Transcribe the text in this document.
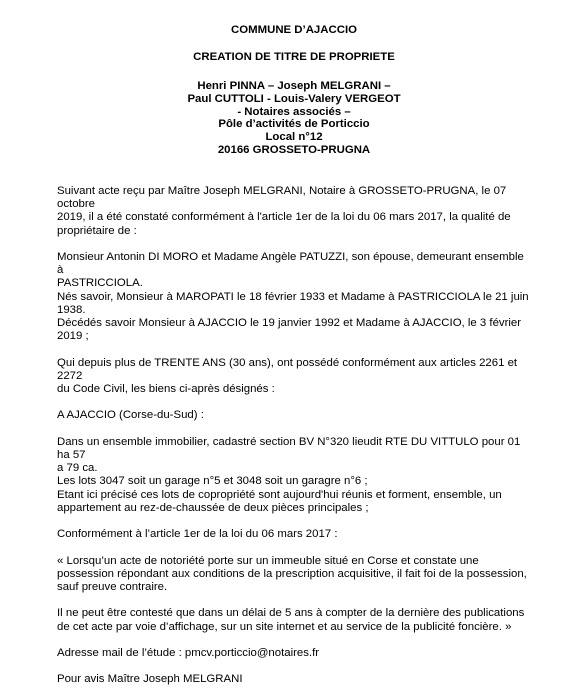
COMMUNE D’AJACCIO
CREATION DE TITRE DE PROPRIETE
Henri PINNA – Joseph MELGRANI –
Paul CUTTOLI - Louis-Valery VERGEOT
- Notaires associés –
Pôle d’activités de Porticcio
Local n°12
20166 GROSSETO-PRUGNA

Suivant acte reçu par Maître Joseph MELGRANI, Notaire à GROSSETO-PRUGNA, le 07 octobre
2019, il a été constaté conformément à l'article 1er de la loi du 06 mars 2017, la qualité de
propriétaire de :

Monsieur Antonin DI MORO et Madame Angèle PATUZZI, son épouse, demeurant ensemble à
PASTRICCIOLA.
Nés savoir, Monsieur à MAROPATI le 18 février 1933 et Madame à PASTRICCIOLA le 21 juin
1938.
Décédés savoir Monsieur à AJACCIO le 19 janvier 1992 et Madame à AJACCIO, le 3 février 2019 ;

Qui depuis plus de TRENTE ANS (30 ans), ont possédé conformément aux articles 2261 et 2272
du Code Civil, les biens ci-après désignés :

A AJACCIO (Corse-du-Sud) :

Dans un ensemble immobilier, cadastré section BV N°320 lieudit RTE DU VITTULO pour 01 ha 57
a 79 ca.
Les lots 3047 soit un garage n°5 et 3048 soit un garagre n°6 ;
Etant ici précisé ces lots de copropriété sont aujourd'hui réunis et forment, ensemble, un
appartement au rez-de-chaussée de deux pièces principales ;

Conformément à l’article 1er de la loi du 06 mars 2017 :

« Lorsqu’un acte de notoriété porte sur un immeuble situé en Corse et constate une
possession répondant aux conditions de la prescription acquisitive, il fait foi de la possession,
sauf preuve contraire.

Il ne peut être contesté que dans un délai de 5 ans à compter de la dernière des publications
de cet acte par voie d’affichage, sur un site internet et au service de la publicité foncière. »

Adresse mail de l’étude : pmcv.porticcio@notaires.fr

Pour avis Maître Joseph MELGRANI
